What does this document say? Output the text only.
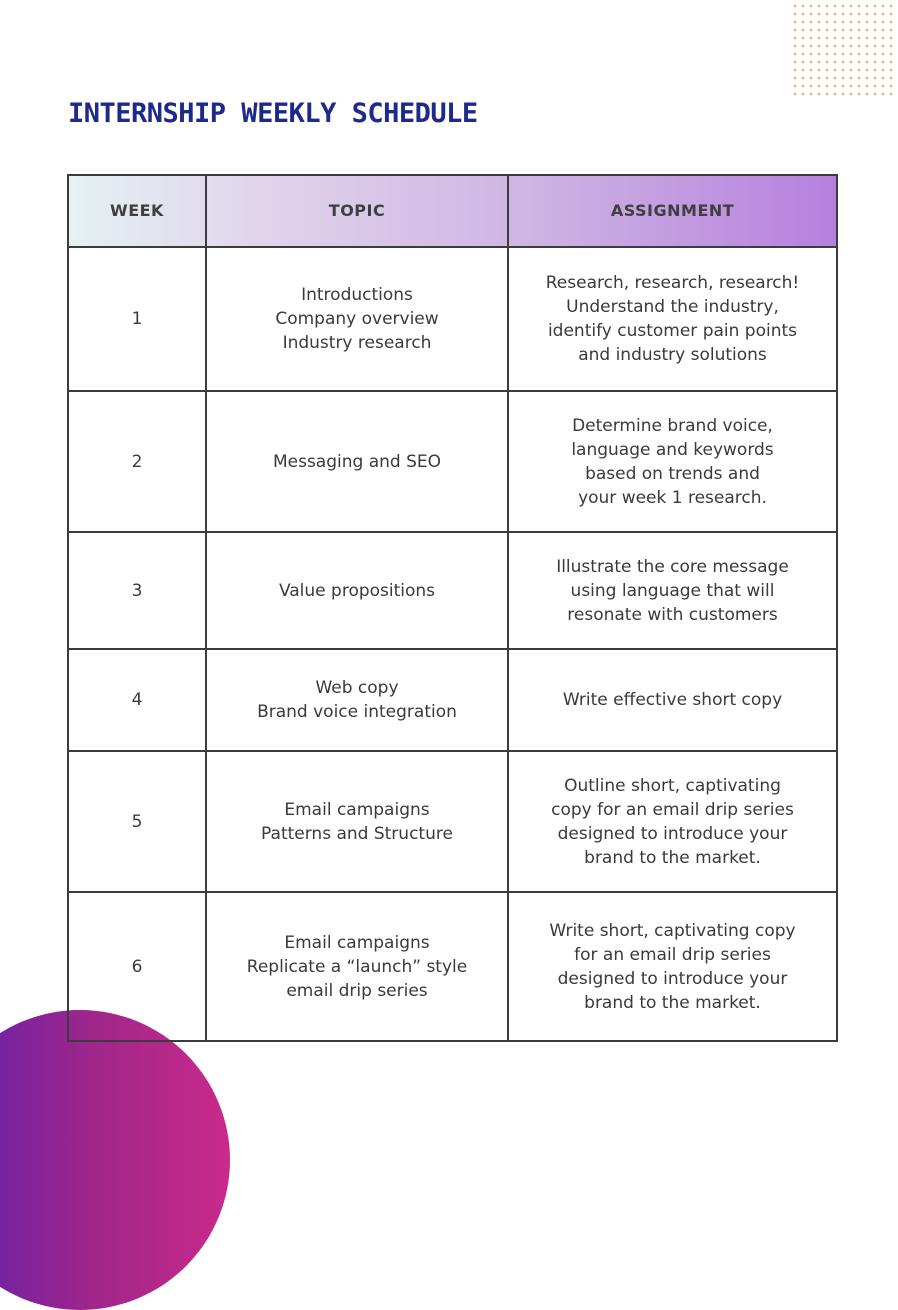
INTERNSHIP WEEKLY SCHEDULE
WEEK	TOPIC	ASSIGNMENT
1	Introductions
Company overview
Industry research	Research, research, research!
Understand the industry,
identify customer pain points
and industry solutions

2	Messaging and SEO	Determine brand voice,
language and keywords
based on trends and
your week 1 research.

3	Value propositions	Illustrate the core message
using language that will
resonate with customers

4	Web copy
Brand voice integration	Write effective short copy

5	Email campaigns
Patterns and Structure	Outline short, captivating
copy for an email drip series
designed to introduce your
brand to the market.

6	Email campaigns
Replicate a “launch” style
email drip series	Write short, captivating copy
for an email drip series
designed to introduce your
brand to the market.
